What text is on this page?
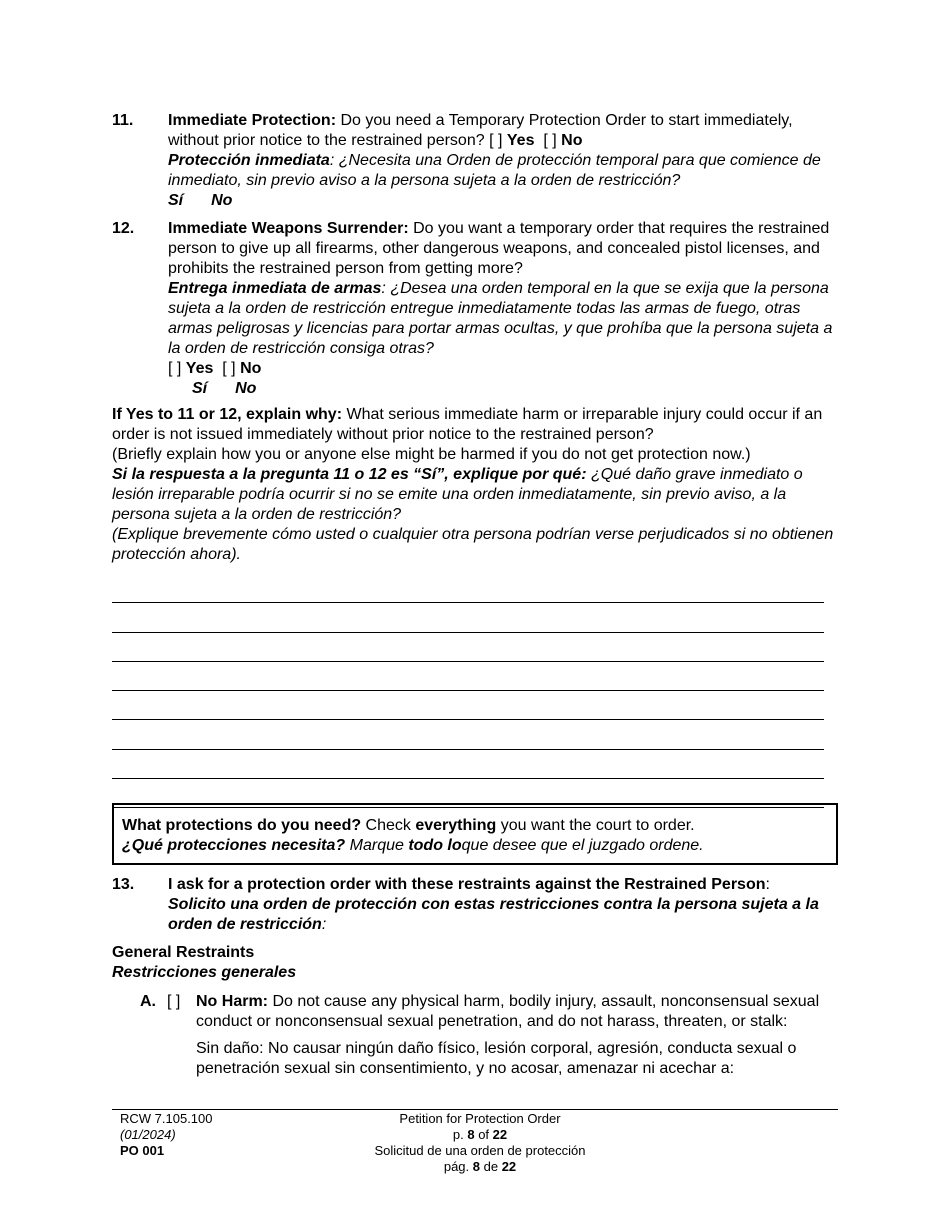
11. Immediate Protection: Do you need a Temporary Protection Order to start immediately, without prior notice to the restrained person? [ ] Yes [ ] No
Protección inmediata: ¿Necesita una Orden de protección temporal para que comience de inmediato, sin previo aviso a la persona sujeta a la orden de restricción?
Sí No
12. Immediate Weapons Surrender: Do you want a temporary order that requires the restrained person to give up all firearms, other dangerous weapons, and concealed pistol licenses, and prohibits the restrained person from getting more?
Entrega inmediata de armas: ¿Desea una orden temporal en la que se exija que la persona sujeta a la orden de restricción entregue inmediatamente todas las armas de fuego, otras armas peligrosas y licencias para portar armas ocultas, y que prohíba que la persona sujeta a la orden de restricción consiga otras?
[ ] Yes [ ] No
Sí No
If Yes to 11 or 12, explain why: What serious immediate harm or irreparable injury could occur if an order is not issued immediately without prior notice to the restrained person?
(Briefly explain how you or anyone else might be harmed if you do not get protection now.)
Si la respuesta a la pregunta 11 o 12 es “Sí”, explique por qué: ¿Qué daño grave inmediato o lesión irreparable podría ocurrir si no se emite una orden inmediatamente, sin previo aviso, a la persona sujeta a la orden de restricción?
(Explique brevemente cómo usted o cualquier otra persona podrían verse perjudicados si no obtienen protección ahora).
What protections do you need? Check everything you want the court to order.
¿Qué protecciones necesita? Marque todo loque desee que el juzgado ordene.
13. I ask for a protection order with these restraints against the Restrained Person:
Solicito una orden de protección con estas restricciones contra la persona sujeta a la orden de restricción:
General Restraints
Restricciones generales
A. [ ] No Harm: Do not cause any physical harm, bodily injury, assault, nonconsensual sexual conduct or nonconsensual sexual penetration, and do not harass, threaten, or stalk:
Sin daño: No causar ningún daño físico, lesión corporal, agresión, conducta sexual o penetración sexual sin consentimiento, y no acosar, amenazar ni acechar a:
RCW 7.105.100
(01/2024)
PO 001
Petition for Protection Order
p. 8 of 22
Solicitud de una orden de protección
pág. 8 de 22
